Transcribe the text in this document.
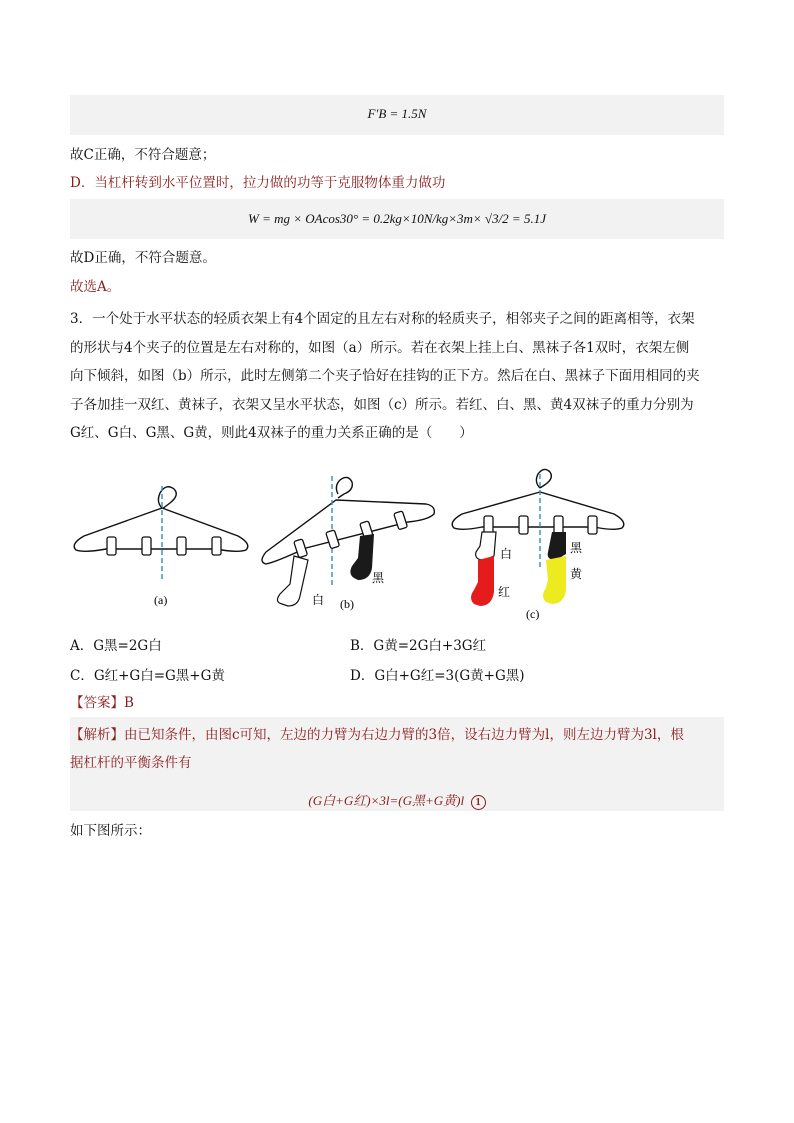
F′B = 1.5N
故C正确，不符合题意；
D．当杠杆转到水平位置时，拉力做的功等于克服物体重力做功
W = mg × OAcos30° = 0.2kg×10N/kg×3m× √3/2 = 5.1J
故D正确，不符合题意。
故选A。
3．一个处于水平状态的轻质衣架上有4个固定的且左右对称的轻质夹子，相邻夹子之间的距离相等，衣架
的形状与4个夹子的位置是左右对称的，如图（a）所示。若在衣架上挂上白、黑袜子各1双时，衣架左侧
向下倾斜，如图（b）所示，此时左侧第二个夹子恰好在挂钩的正下方。然后在白、黑袜子下面用相同的夹
子各加挂一双红、黄袜子，衣架又呈水平状态，如图（c）所示。若红、白、黑、黄4双袜子的重力分别为
G红、G白、G黑、G黄，则此4双袜子的重力关系正确的是（　　）
(a)	白
黑
(b)
白
红
黑
黄
(c)
A．G黑=2G白	B．G黄=2G白+3G红
C．G红+G白=G黑+G黄	D．G白+G红=3(G黄+G黑)
【答案】B
【解析】由已知条件，由图c可知，左边的力臂为右边力臂的3倍，设右边力臂为l，则左边力臂为3l，根
据杠杆的平衡条件有
(G白+G红)×3l=(G黑+G黄)l 1
如下图所示：
